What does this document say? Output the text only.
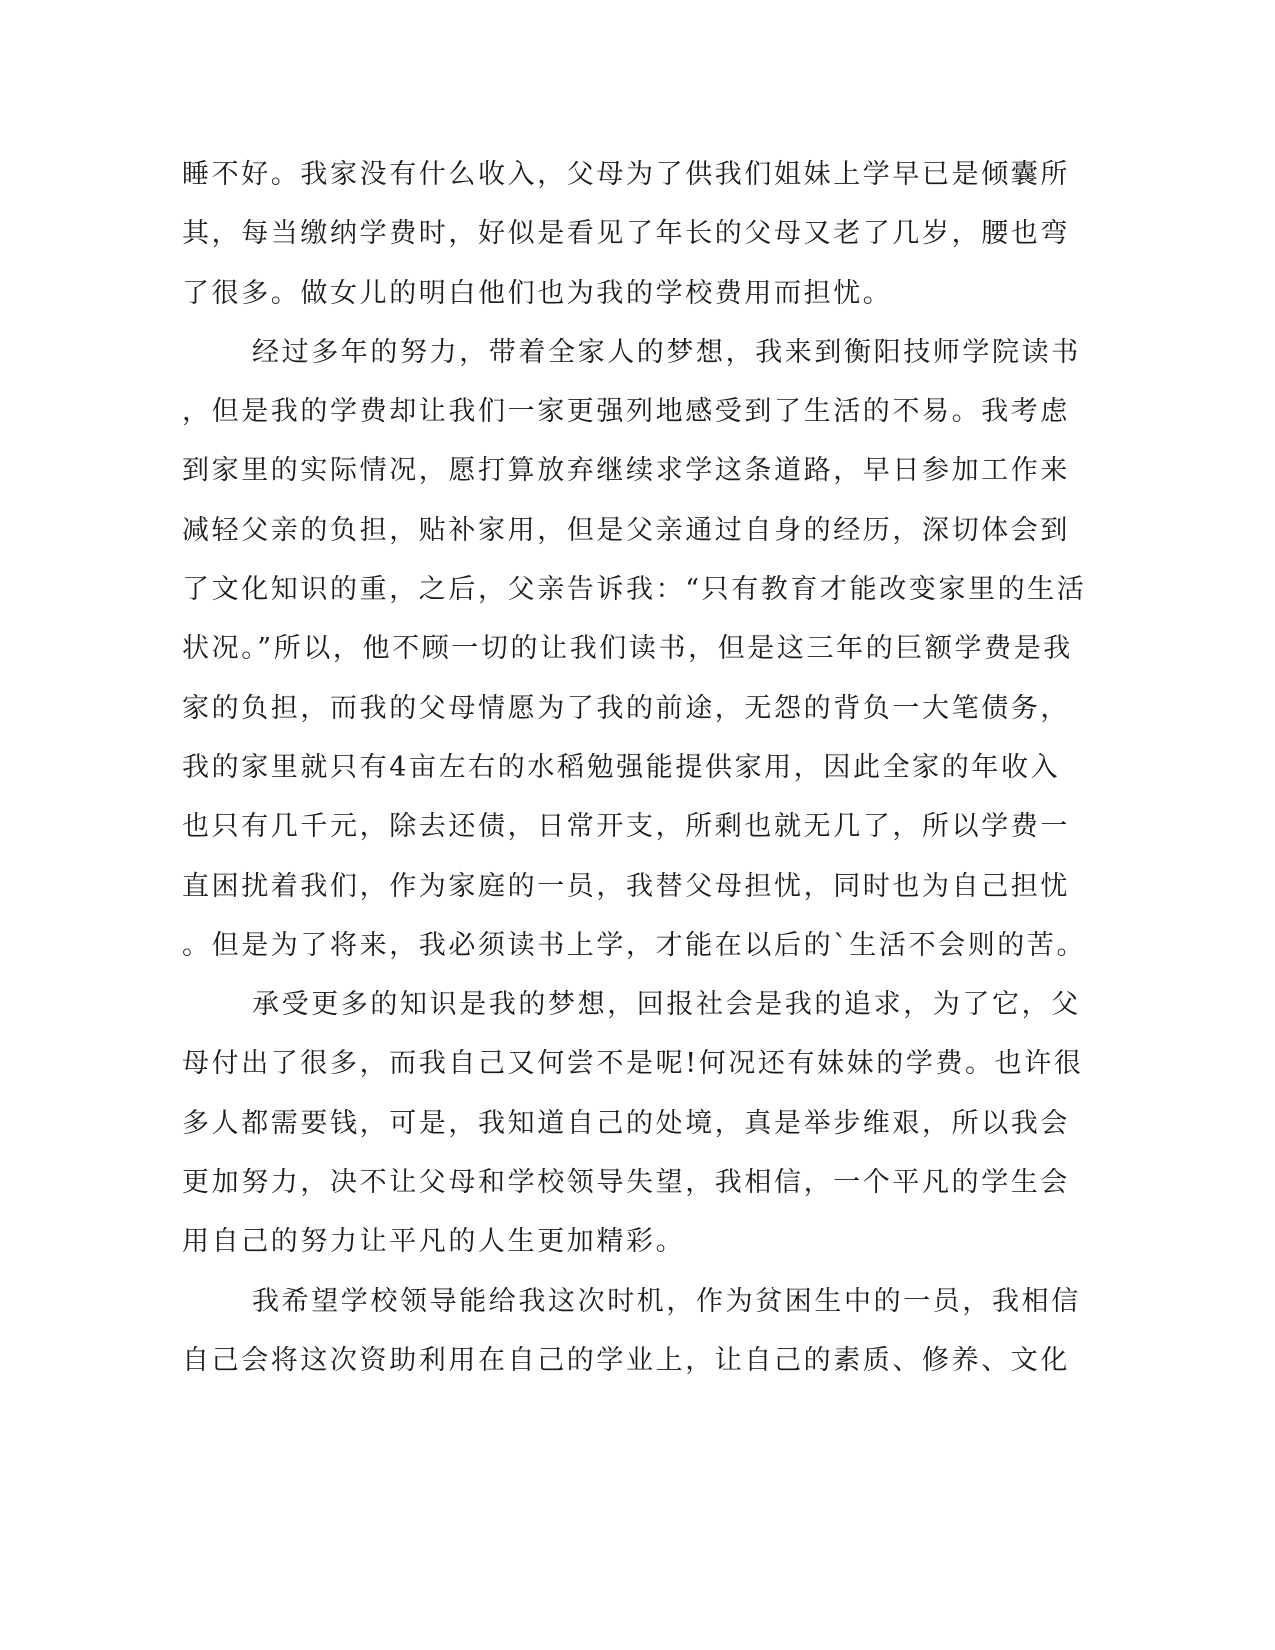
睡不好。我家没有什么收入，父母为了供我们姐妹上学早已是倾囊所
其，每当缴纳学费时，好似是看见了年长的父母又老了几岁，腰也弯
了很多。做女儿的明白他们也为我的学校费用而担忧。
经过多年的努力，带着全家人的梦想，我来到衡阳技师学院读书
，但是我的学费却让我们一家更强列地感受到了生活的不易。我考虑
到家里的实际情况，愿打算放弃继续求学这条道路，早日参加工作来
减轻父亲的负担，贴补家用，但是父亲通过自身的经历，深切体会到
了文化知识的重，之后，父亲告诉我：“只有教育才能改变家里的生活
状况。”所以，他不顾一切的让我们读书，但是这三年的巨额学费是我
家的负担，而我的父母情愿为了我的前途，无怨的背负一大笔债务，
我的家里就只有4亩左右的水稻勉强能提供家用，因此全家的年收入
也只有几千元，除去还债，日常开支，所剩也就无几了，所以学费一
直困扰着我们，作为家庭的一员，我替父母担忧，同时也为自己担忧
。但是为了将来，我必须读书上学，才能在以后的`生活不会则的苦。
承受更多的知识是我的梦想，回报社会是我的追求，为了它，父
母付出了很多，而我自己又何尝不是呢!何况还有妹妹的学费。也许很
多人都需要钱，可是，我知道自己的处境，真是举步维艰，所以我会
更加努力，决不让父母和学校领导失望，我相信，一个平凡的学生会
用自己的努力让平凡的人生更加精彩。
我希望学校领导能给我这次时机，作为贫困生中的一员，我相信
自己会将这次资助利用在自己的学业上，让自己的素质、修养、文化
